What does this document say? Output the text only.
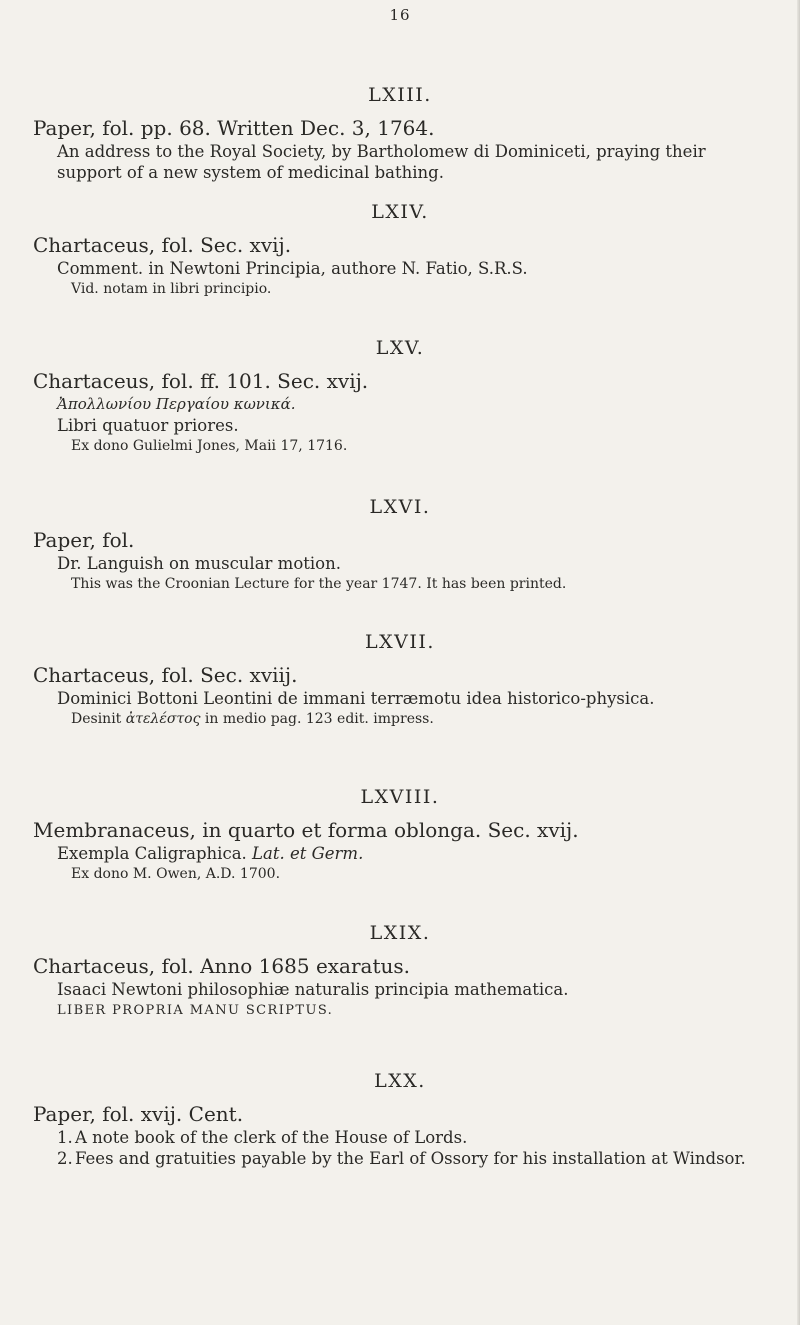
16
LXIII.
Paper, fol. pp. 68. Written Dec. 3, 1764.
An address to the Royal Society, by Bartholomew di Dominiceti, praying their support of a new system of medicinal bathing.
LXIV.
Chartaceus, fol. Sec. xvij.
Comment. in Newtoni Principia, authore N. Fatio, S.R.S.
Vid. notam in libri principio.
LXV.
Chartaceus, fol. ff. 101. Sec. xvij.
Ἀπολλωνίου Περγαίου κωνικά.
Libri quatuor priores.
Ex dono Gulielmi Jones, Maii 17, 1716.
LXVI.
Paper, fol.
Dr. Languish on muscular motion.
This was the Croonian Lecture for the year 1747. It has been printed.
LXVII.
Chartaceus, fol. Sec. xviij.
Dominici Bottoni Leontini de immani terræmotu idea historico-physica.
Desinit ἀτελέστος in medio pag. 123 edit. impress.
LXVIII.
Membranaceus, in quarto et forma oblonga. Sec. xvij.
Exempla Caligraphica. Lat. et Germ.
Ex dono M. Owen, A.D. 1700.
LXIX.
Chartaceus, fol. Anno 1685 exaratus.
Isaaci Newtoni philosophiæ naturalis principia mathematica.
LIBER PROPRIA MANU SCRIPTUS.
LXX.
Paper, fol. xvij. Cent.
1. A note book of the clerk of the House of Lords.
2. Fees and gratuities payable by the Earl of Ossory for his installation at Windsor.
